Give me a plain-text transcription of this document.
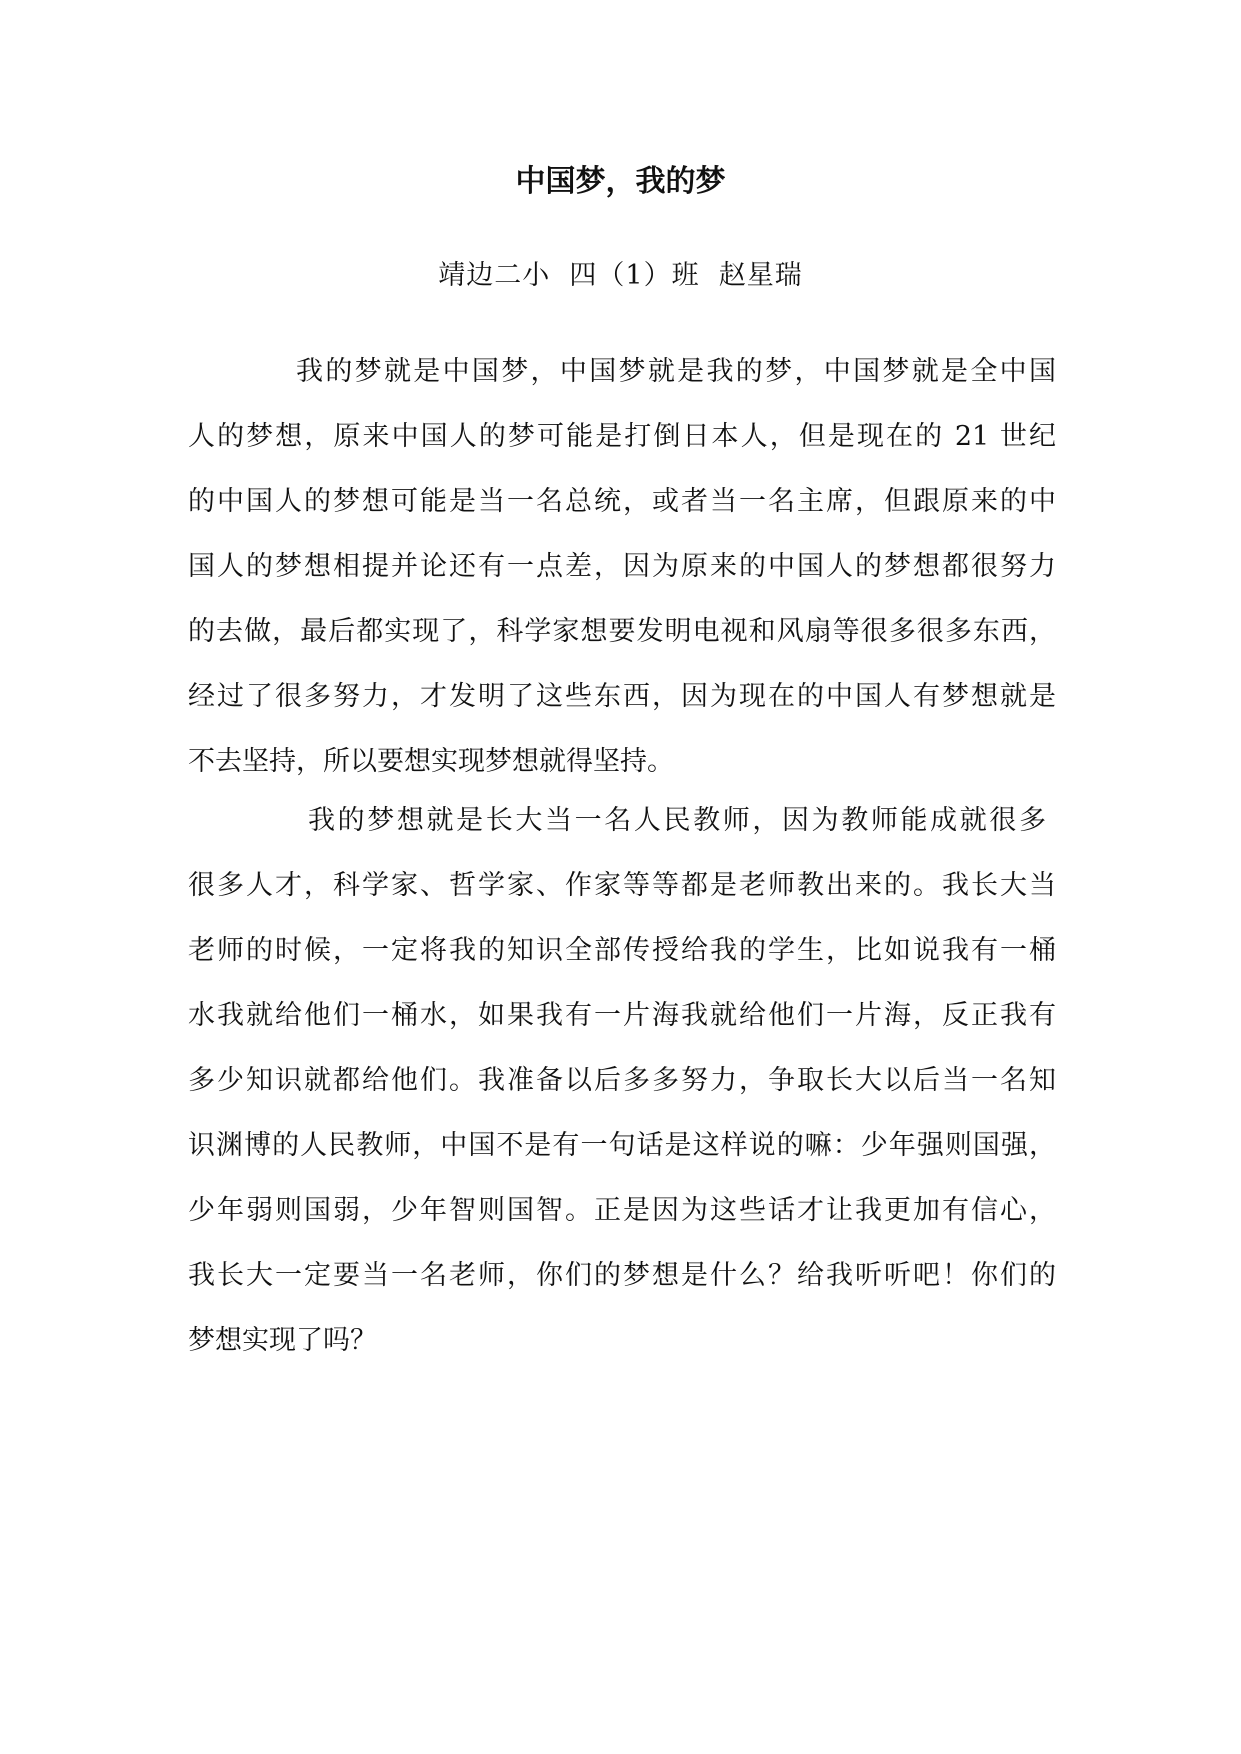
中国梦，我的梦
靖边二小 四（1）班 赵星瑞
我的梦就是中国梦，中国梦就是我的梦，中国梦就是全中国
人的梦想，原来中国人的梦可能是打倒日本人，但是现在的 21 世纪
的中国人的梦想可能是当一名总统，或者当一名主席，但跟原来的中
国人的梦想相提并论还有一点差，因为原来的中国人的梦想都很努力
的去做，最后都实现了，科学家想要发明电视和风扇等很多很多东西，
经过了很多努力，才发明了这些东西，因为现在的中国人有梦想就是
不去坚持，所以要想实现梦想就得坚持。
我的梦想就是长大当一名人民教师，因为教师能成就很多
很多人才，科学家、哲学家、作家等等都是老师教出来的。我长大当
老师的时候，一定将我的知识全部传授给我的学生，比如说我有一桶
水我就给他们一桶水，如果我有一片海我就给他们一片海，反正我有
多少知识就都给他们。我准备以后多多努力，争取长大以后当一名知
识渊博的人民教师，中国不是有一句话是这样说的嘛：少年强则国强，
少年弱则国弱，少年智则国智。正是因为这些话才让我更加有信心，
我长大一定要当一名老师，你们的梦想是什么？给我听听吧！你们的
梦想实现了吗？
